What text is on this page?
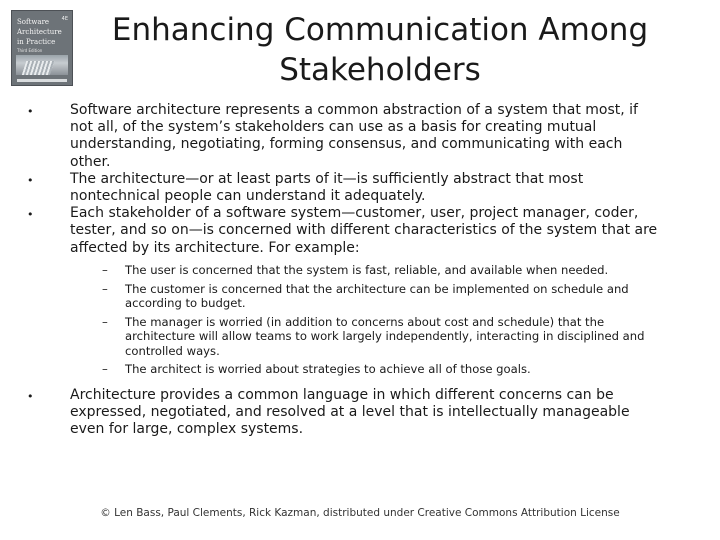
Software
Architecture
in Practice
Third Edition
4E	Enhancing Communication Among Stakeholders
•	Software architecture represents a common abstraction of a system that most, if not all, of the system’s stakeholders can use as a basis for creating mutual understanding, negotiating, forming consensus, and communicating with each other.
•	The architecture—or at least parts of it—is sufficiently abstract that most nontechnical people can understand it adequately.
•	Each stakeholder of a software system—customer, user, project manager, coder, tester, and so on—is concerned with different characteristics of the system that are affected by its architecture. For example:
– The user is concerned that the system is fast, reliable, and available when needed.
– The customer is concerned that the architecture can be implemented on schedule and according to budget.
– The manager is worried (in addition to concerns about cost and schedule) that the architecture will allow teams to work largely independently, interacting in disciplined and controlled ways.
– The architect is worried about strategies to achieve all of those goals.
•	Architecture provides a common language in which different concerns can be expressed, negotiated, and resolved at a level that is intellectually manageable even for large, complex systems.
© Len Bass, Paul Clements, Rick Kazman, distributed under Creative Commons Attribution License
